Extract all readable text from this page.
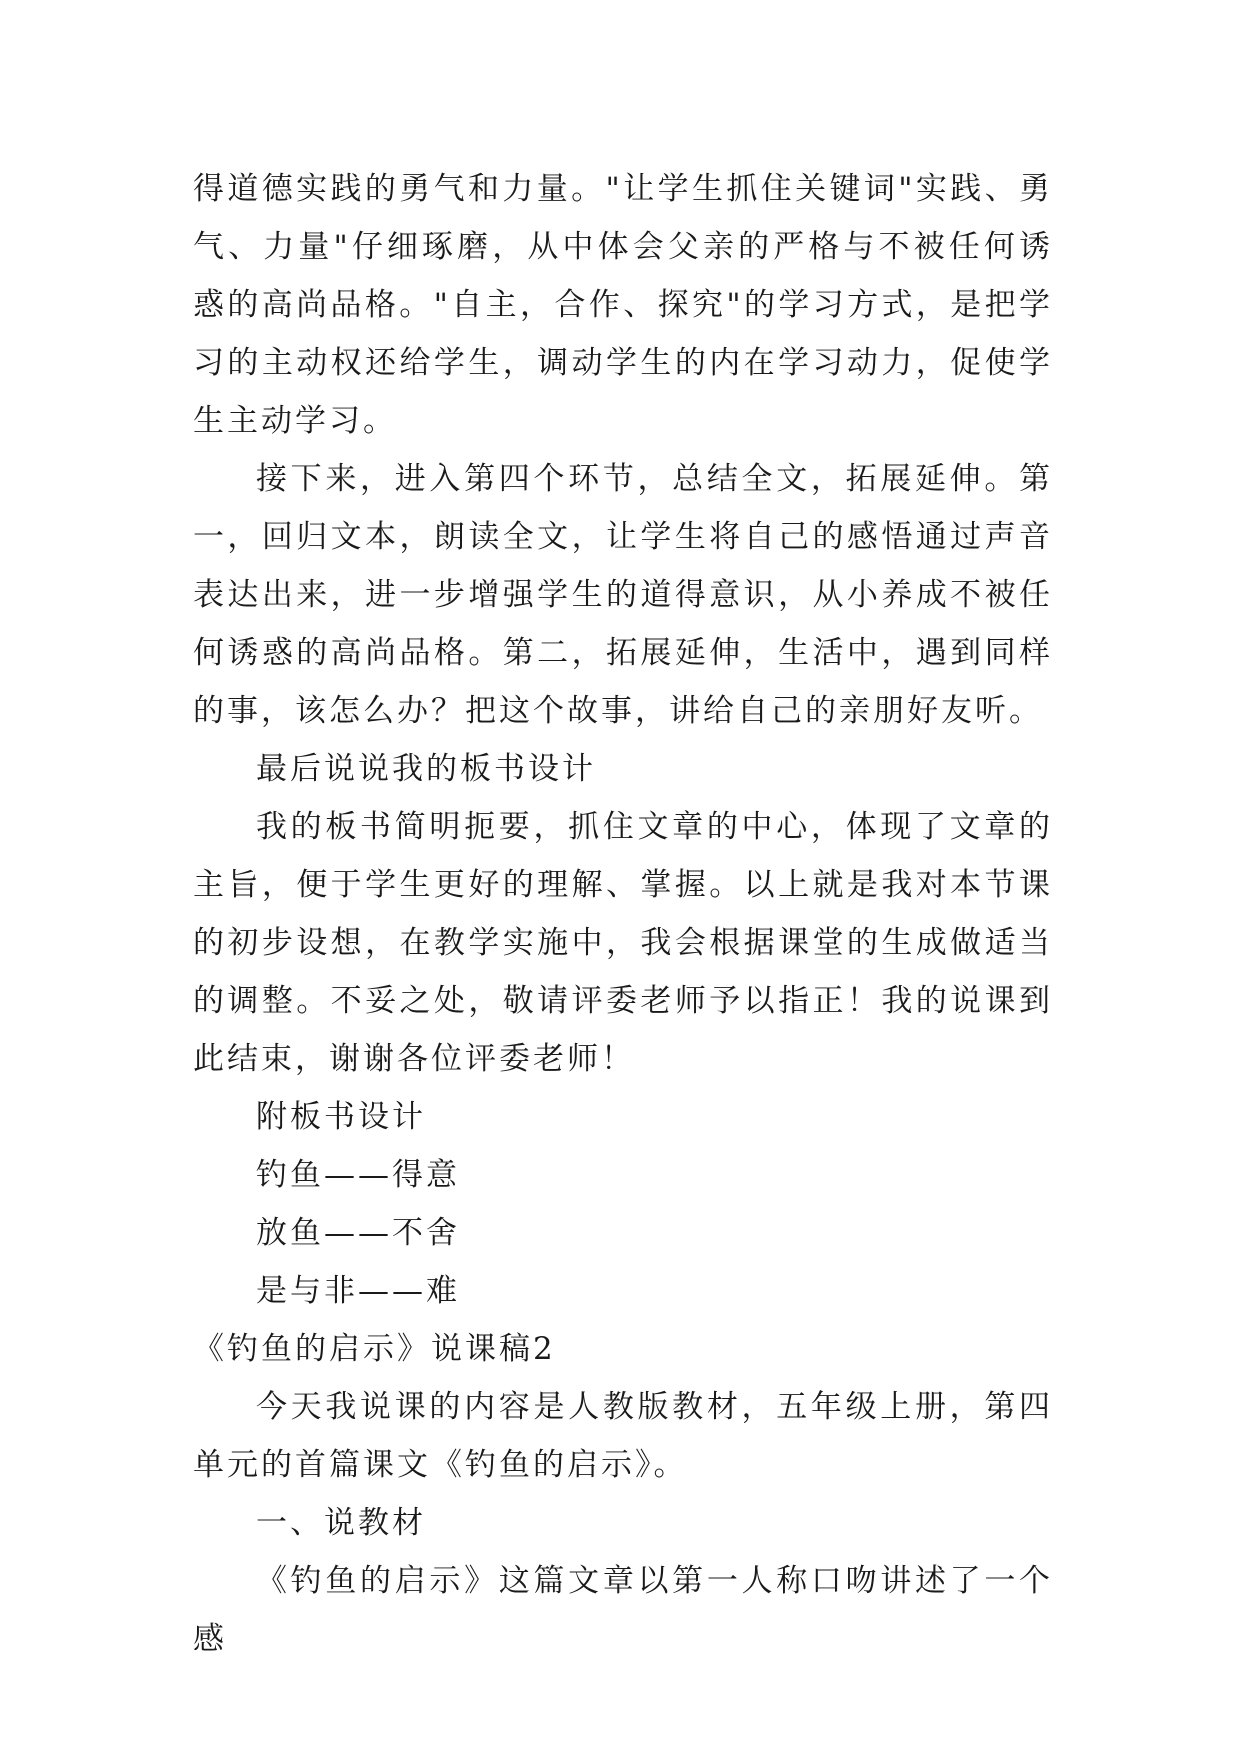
得道德实践的勇气和力量。"让学生抓住关键词"实践、勇气、力量"仔细琢磨，从中体会父亲的严格与不被任何诱惑的高尚品格。"自主，合作、探究"的学习方式，是把学习的主动权还给学生，调动学生的内在学习动力，促使学生主动学习。

接下来，进入第四个环节，总结全文，拓展延伸。第一，回归文本，朗读全文，让学生将自己的感悟通过声音表达出来，进一步增强学生的道得意识，从小养成不被任何诱惑的高尚品格。第二，拓展延伸，生活中，遇到同样的事，该怎么办？把这个故事，讲给自己的亲朋好友听。

最后说说我的板书设计

我的板书简明扼要，抓住文章的中心，体现了文章的主旨，便于学生更好的理解、掌握。以上就是我对本节课的初步设想，在教学实施中，我会根据课堂的生成做适当的调整。不妥之处，敬请评委老师予以指正！我的说课到此结束，谢谢各位评委老师！

附板书设计

钓鱼——得意

放鱼——不舍

是与非——难

《钓鱼的启示》说课稿2

今天我说课的内容是人教版教材，五年级上册，第四单元的首篇课文《钓鱼的启示》。

一、说教材

《钓鱼的启示》这篇文章以第一人称口吻讲述了一个感
